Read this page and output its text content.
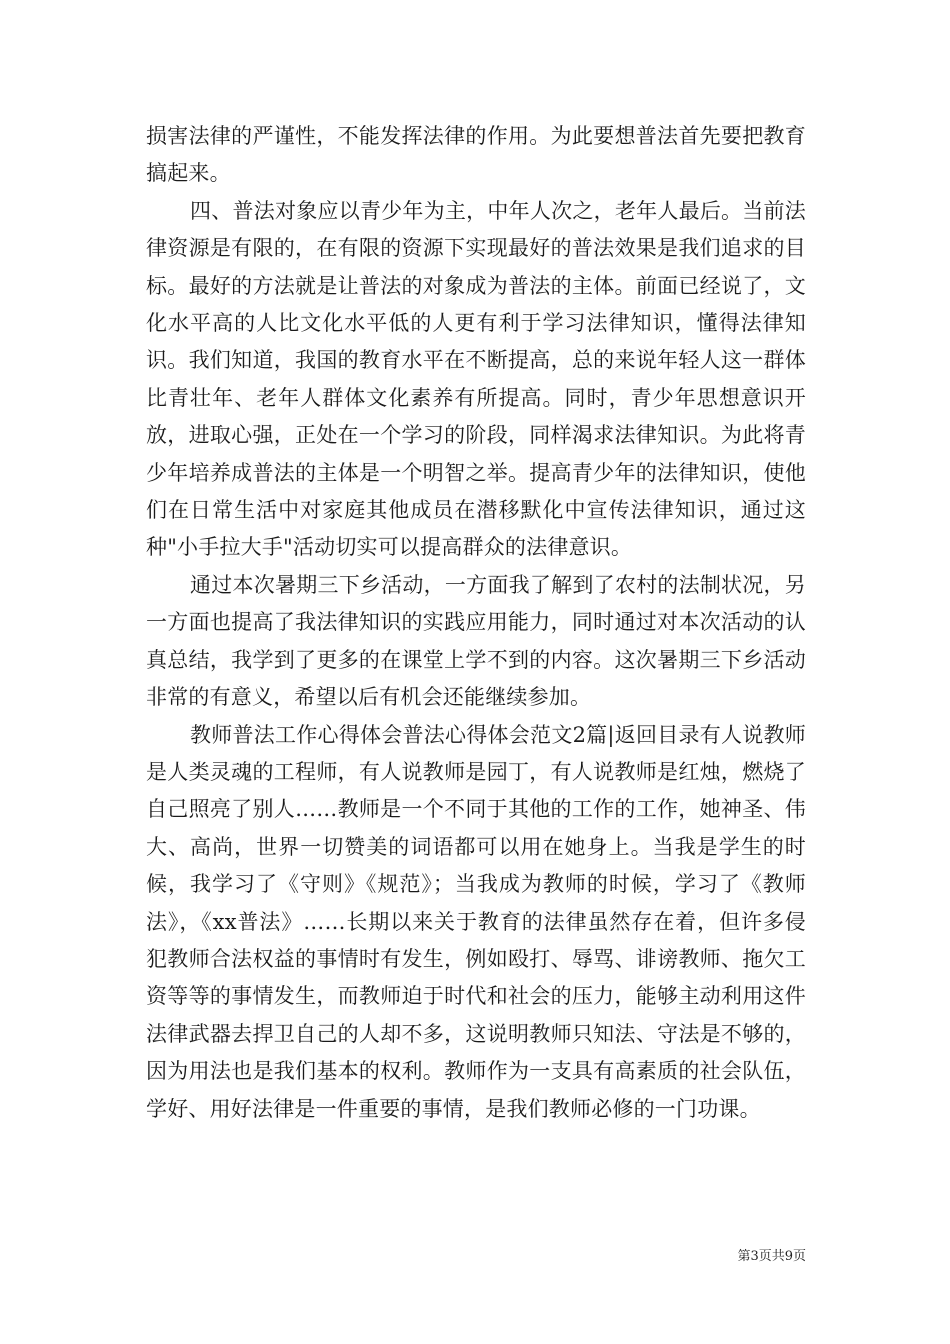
损害法律的严谨性，不能发挥法律的作用。为此要想普法首先要把教育搞起来。

四、普法对象应以青少年为主，中年人次之，老年人最后。当前法律资源是有限的，在有限的资源下实现最好的普法效果是我们追求的目标。最好的方法就是让普法的对象成为普法的主体。前面已经说了，文化水平高的人比文化水平低的人更有利于学习法律知识，懂得法律知识。我们知道，我国的教育水平在不断提高，总的来说年轻人这一群体比青壮年、老年人群体文化素养有所提高。同时，青少年思想意识开放，进取心强，正处在一个学习的阶段，同样渴求法律知识。为此将青少年培养成普法的主体是一个明智之举。提高青少年的法律知识，使他们在日常生活中对家庭其他成员在潜移默化中宣传法律知识，通过这种"小手拉大手"活动切实可以提高群众的法律意识。

通过本次暑期三下乡活动，一方面我了解到了农村的法制状况，另一方面也提高了我法律知识的实践应用能力，同时通过对本次活动的认真总结，我学到了更多的在课堂上学不到的内容。这次暑期三下乡活动非常的有意义，希望以后有机会还能继续参加。

教师普法工作心得体会普法心得体会范文2篇|返回目录有人说教师是人类灵魂的工程师，有人说教师是园丁，有人说教师是红烛，燃烧了自己照亮了别人……教师是一个不同于其他的工作的工作，她神圣、伟大、高尚，世界一切赞美的词语都可以用在她身上。当我是学生的时候，我学习了《守则》《规范》；当我成为教师的时候，学习了《教师法》，《xx普法》……长期以来关于教育的法律虽然存在着，但许多侵犯教师合法权益的事情时有发生，例如殴打、辱骂、诽谤教师、拖欠工资等等的事情发生，而教师迫于时代和社会的压力，能够主动利用这件法律武器去捍卫自己的人却不多，这说明教师只知法、守法是不够的，因为用法也是我们基本的权利。教师作为一支具有高素质的社会队伍，学好、用好法律是一件重要的事情，是我们教师必修的一门功课。

第3页共9页
